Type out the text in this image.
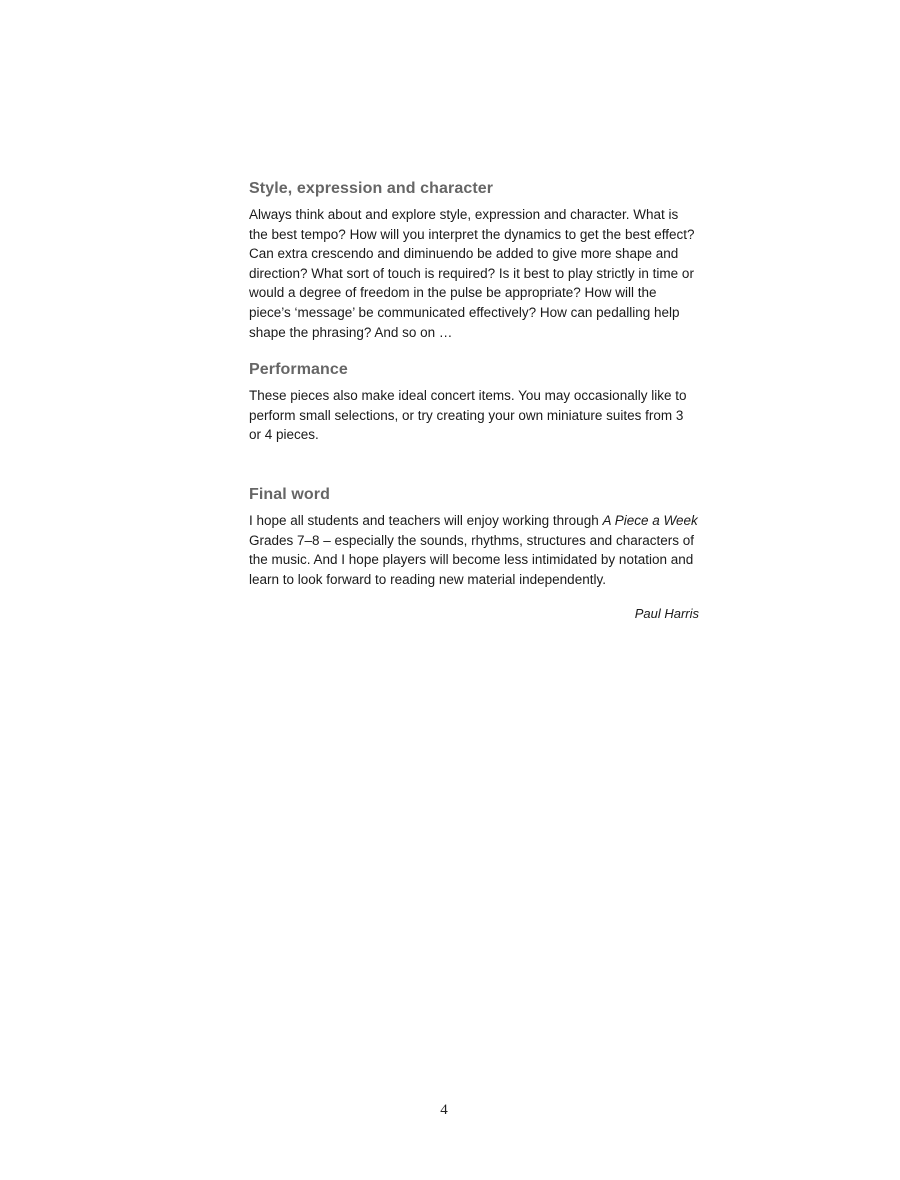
Style, expression and character

Always think about and explore style, expression and character. What is the best tempo? How will you interpret the dynamics to get the best effect? Can extra crescendo and diminuendo be added to give more shape and direction? What sort of touch is required? Is it best to play strictly in time or would a degree of freedom in the pulse be appropriate? How will the piece’s ‘message’ be communicated effectively? How can pedalling help shape the phrasing? And so on …

Performance

These pieces also make ideal concert items. You may occasionally like to perform small selections, or try creating your own miniature suites from 3 or 4 pieces.

Final word

I hope all students and teachers will enjoy working through A Piece a Week Grades 7–8 – especially the sounds, rhythms, structures and characters of the music. And I hope players will become less intimidated by notation and learn to look forward to reading new material independently.

Paul Harris
4
